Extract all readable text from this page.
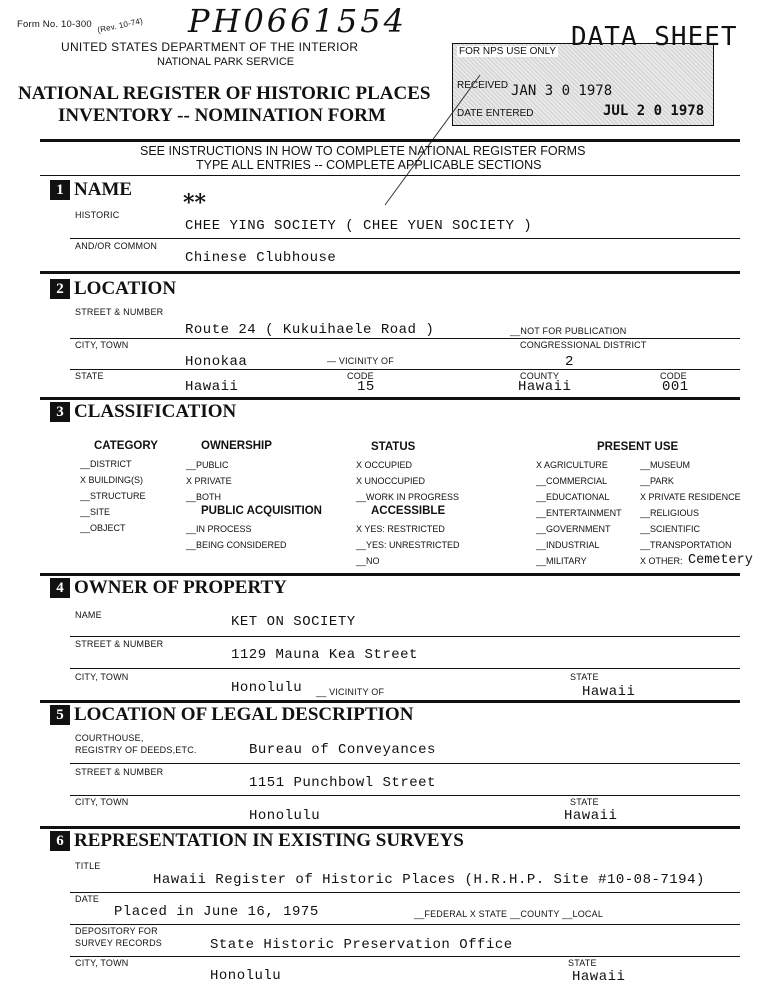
Form No. 10-300 (Rev. 10-74) PH0661554
UNITED STATES DEPARTMENT OF THE INTERIOR
NATIONAL PARK SERVICE
NATIONAL REGISTER OF HISTORIC PLACES
INVENTORY -- NOMINATION FORM
FOR NPS USE ONLY DATA SHEET
RECEIVED JAN 3 0 1978
DATE ENTERED	JUL 2 0 1978
SEE INSTRUCTIONS IN HOW TO COMPLETE NATIONAL REGISTER FORMS
TYPE ALL ENTRIES -- COMPLETE APPLICABLE SECTIONS
1 NAME
HISTORIC	**
CHEE YING SOCIETY ( CHEE YUEN SOCIETY )
AND/OR COMMON
Chinese Clubhouse
2 LOCATION
STREET & NUMBER
Route 24 ( Kukuihaele Road )	__NOT FOR PUBLICATION
CITY, TOWN	CONGRESSIONAL DISTRICT
Honokaa	— VICINITY OF	2
STATE	CODE	COUNTY	CODE
Hawaii	15	Hawaii	001
3 CLASSIFICATION
CATEGORY
__DISTRICT
X BUILDING(S)
__STRUCTURE
__SITE
__OBJECT
OWNERSHIP
__PUBLIC
X PRIVATE
__BOTH
PUBLIC ACQUISITION
__IN PROCESS
__BEING CONSIDERED
STATUS
X OCCUPIED
X UNOCCUPIED
__WORK IN PROGRESS
ACCESSIBLE
X YES: RESTRICTED
__YES: UNRESTRICTED
__NO
PRESENT USE
X AGRICULTURE
__COMMERCIAL
__EDUCATIONAL
__ENTERTAINMENT
__GOVERNMENT
__INDUSTRIAL
__MILITARY
__MUSEUM
__PARK
X PRIVATE RESIDENCE
__RELIGIOUS
__SCIENTIFIC
__TRANSPORTATION
X OTHER: Cemetery
4 OWNER OF PROPERTY
NAME	KET ON SOCIETY
STREET & NUMBER
1129 Mauna Kea Street
CITY, TOWN	STATE
Honolulu __ VICINITY OF	Hawaii
5 LOCATION OF LEGAL DESCRIPTION
COURTHOUSE,
REGISTRY OF DEEDS,ETC.	Bureau of Conveyances
STREET & NUMBER
1151 Punchbowl Street
CITY, TOWN	STATE
Honolulu	Hawaii
6 REPRESENTATION IN EXISTING SURVEYS
TITLE
Hawaii Register of Historic Places (H.R.H.P. Site #10-08-7194)
DATE
Placed in June 16, 1975	__FEDERAL X STATE __COUNTY __LOCAL
DEPOSITORY FOR
SURVEY RECORDS	State Historic Preservation Office
CITY, TOWN	STATE
Honolulu	Hawaii
